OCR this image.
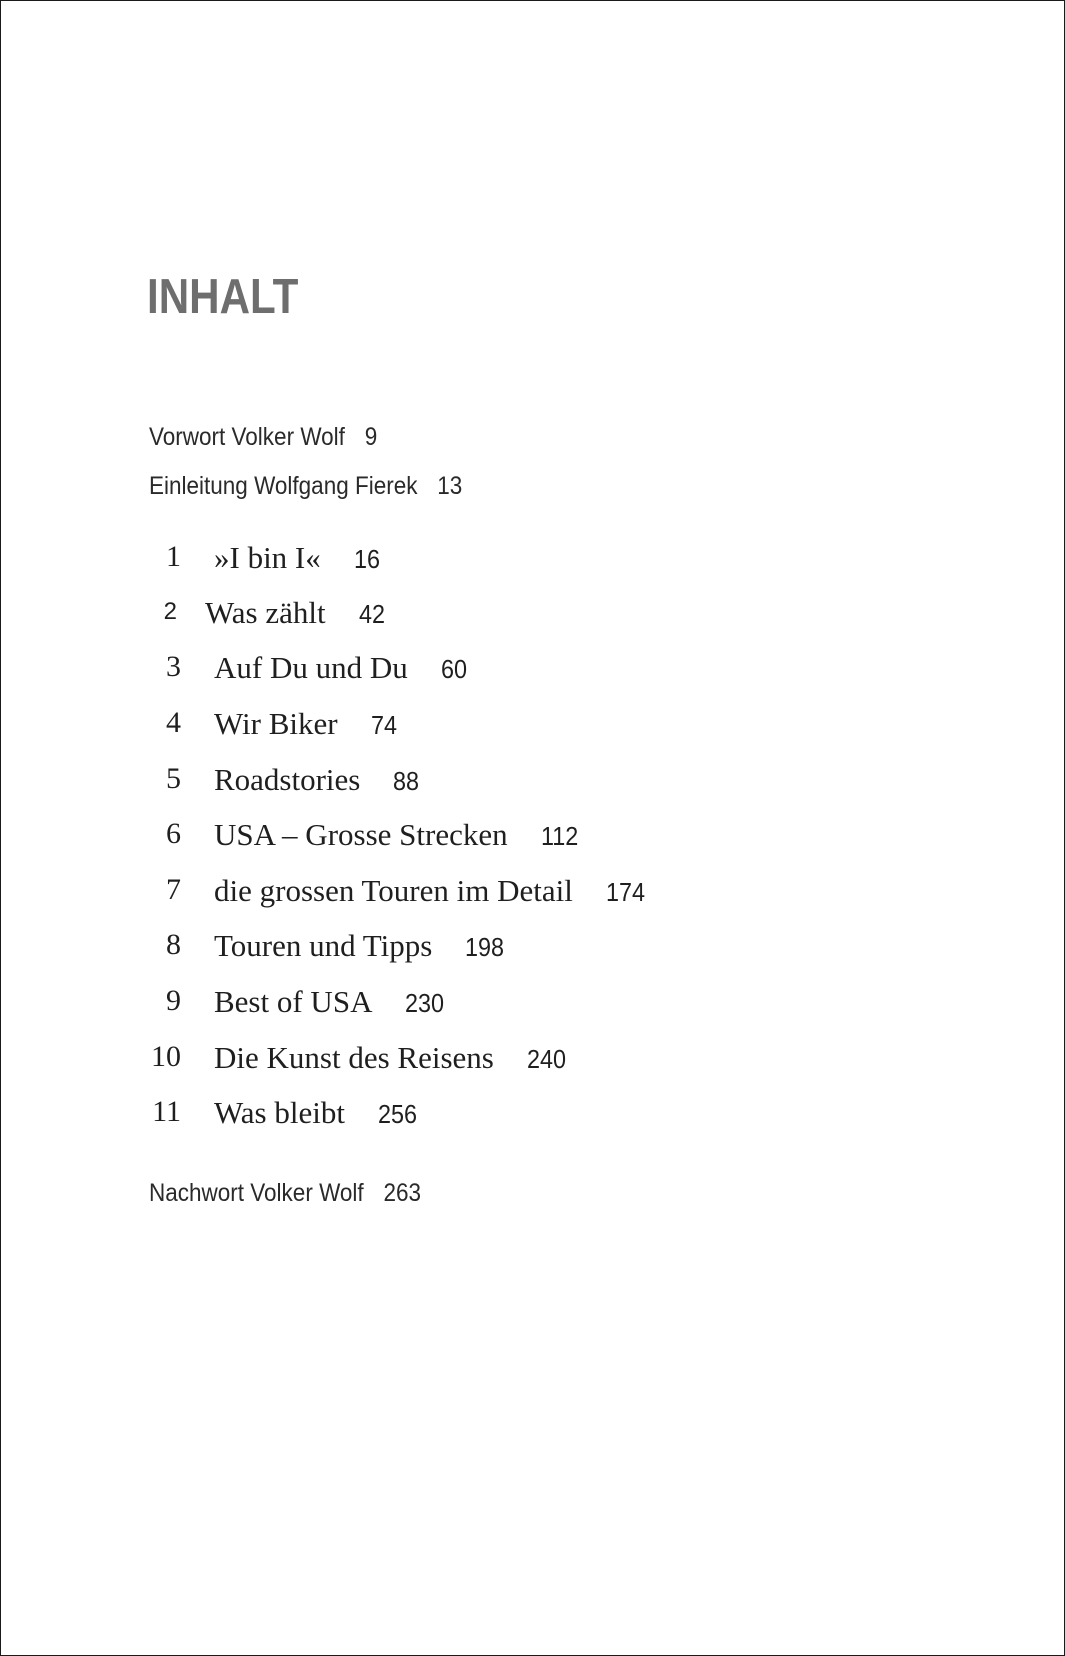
INHALT
Vorwort Volker Wolf 9
Einleitung Wolfgang Fierek 13
1 »I bin I« 16
2 Was zählt 42
3 Auf Du und Du 60
4 Wir Biker 74
5 Roadstories 88
6 USA – Grosse Strecken 112
7 die grossen Touren im Detail 174
8 Touren und Tipps 198
9 Best of USA 230
10 Die Kunst des Reisens 240
11 Was bleibt 256
Nachwort Volker Wolf 263
